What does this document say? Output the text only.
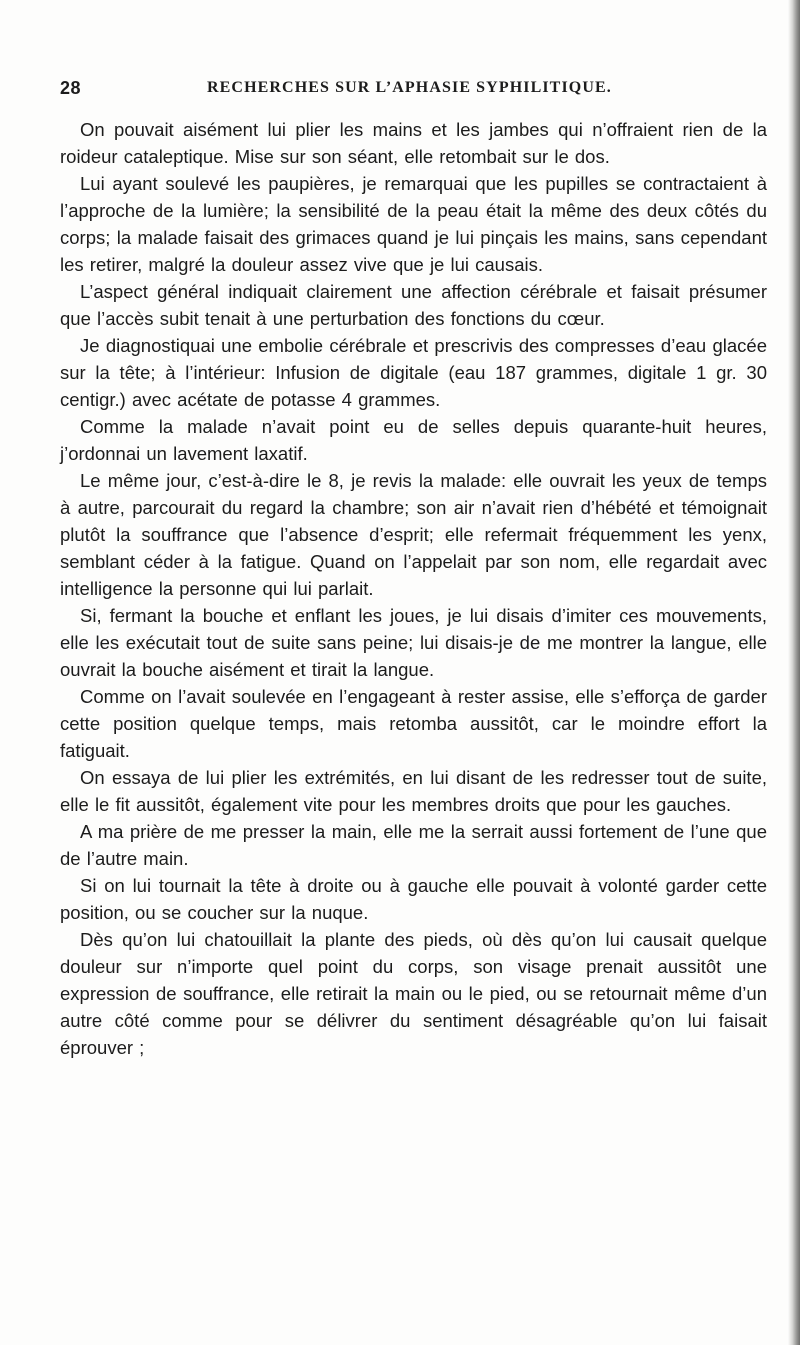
28	RECHERCHES SUR L’APHASIE SYPHILITIQUE.

On pouvait aisément lui plier les mains et les jambes qui n’offraient rien de la roideur cataleptique. Mise sur son séant, elle retombait sur le dos.

Lui ayant soulevé les paupières, je remarquai que les pupilles se contractaient à l’approche de la lumière; la sensibilité de la peau était la même des deux côtés du corps; la malade faisait des grimaces quand je lui pinçais les mains, sans cependant les retirer, malgré la douleur assez vive que je lui causais.

L’aspect général indiquait clairement une affection cérébrale et faisait présumer que l’accès subit tenait à une perturbation des fonctions du cœur.

Je diagnostiquai une embolie cérébrale et prescrivis des compresses d’eau glacée sur la tête; à l’intérieur: Infusion de digitale (eau 187 grammes, digitale 1 gr. 30 centigr.) avec acétate de potasse 4 grammes.

Comme la malade n’avait point eu de selles depuis quarante-huit heures, j’ordonnai un lavement laxatif.

Le même jour, c’est-à-dire le 8, je revis la malade: elle ouvrait les yeux de temps à autre, parcourait du regard la chambre; son air n’avait rien d’hébété et témoignait plutôt la souffrance que l’absence d’esprit; elle refermait fréquemment les yenx, semblant céder à la fatigue. Quand on l’appelait par son nom, elle regardait avec intelligence la personne qui lui parlait.

Si, fermant la bouche et enflant les joues, je lui disais d’imiter ces mouvements, elle les exécutait tout de suite sans peine; lui disais-je de me montrer la langue, elle ouvrait la bouche aisément et tirait la langue.

Comme on l’avait soulevée en l’engageant à rester assise, elle s’efforça de garder cette position quelque temps, mais retomba aussitôt, car le moindre effort la fatiguait.

On essaya de lui plier les extrémités, en lui disant de les redresser tout de suite, elle le fit aussitôt, également vite pour les membres droits que pour les gauches.

A ma prière de me presser la main, elle me la serrait aussi fortement de l’une que de l’autre main.

Si on lui tournait la tête à droite ou à gauche elle pouvait à volonté garder cette position, ou se coucher sur la nuque.

Dès qu’on lui chatouillait la plante des pieds, où dès qu’on lui causait quelque douleur sur n’importe quel point du corps, son visage prenait aussitôt une expression de souffrance, elle retirait la main ou le pied, ou se retournait même d’un autre côté comme pour se délivrer du sentiment désagréable qu’on lui faisait éprouver ;
